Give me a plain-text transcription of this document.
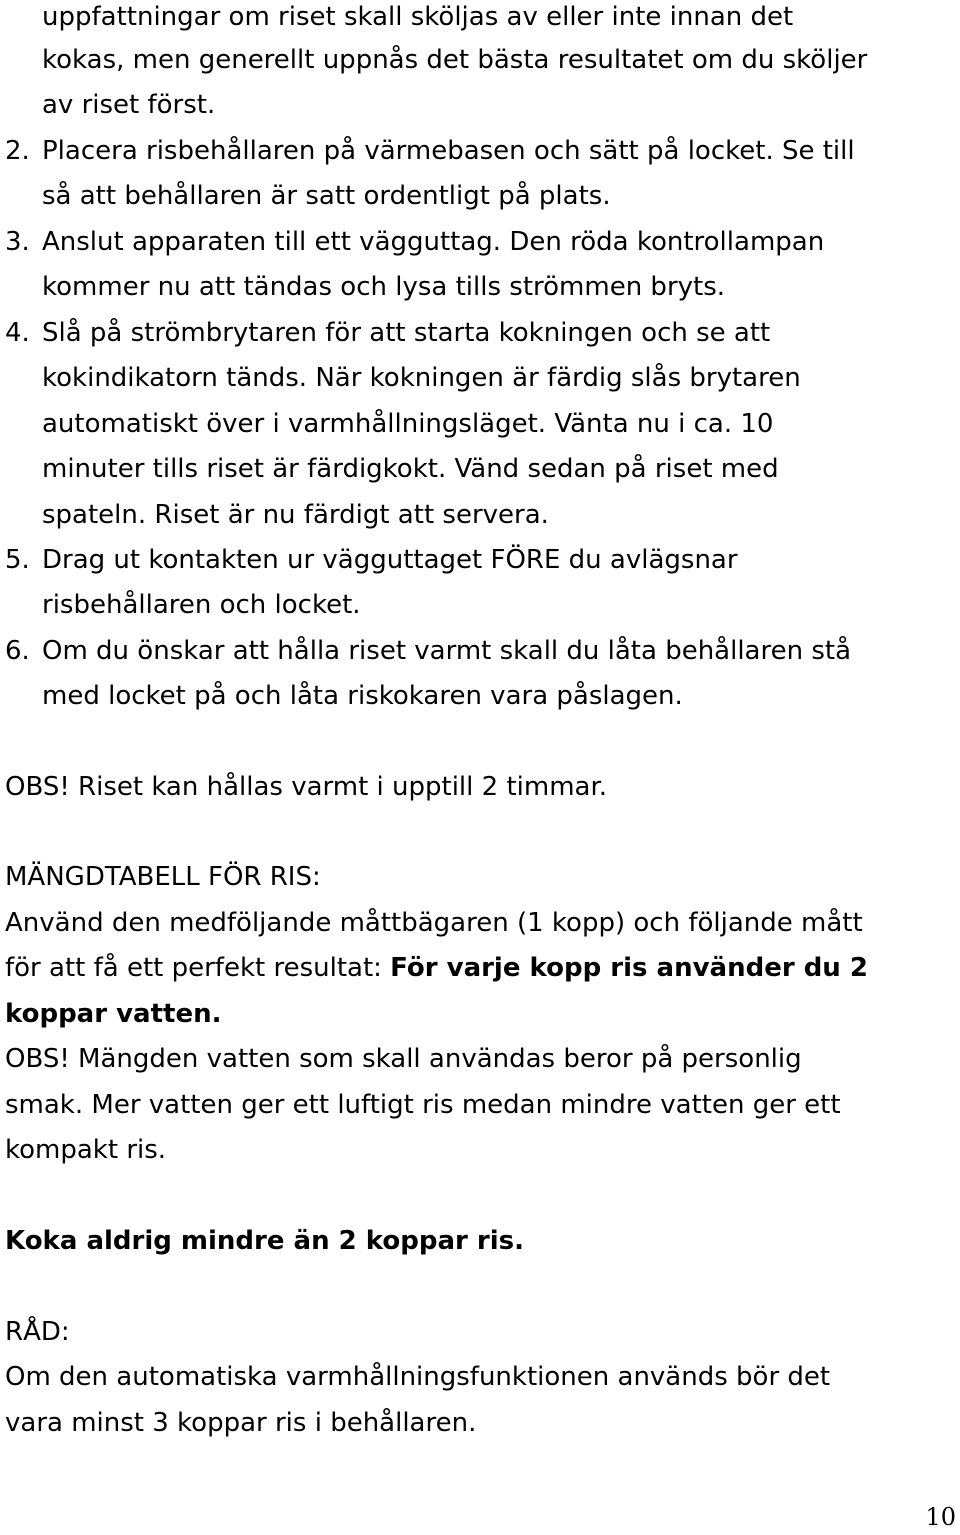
uppfattningar om riset skall sköljas av eller inte innan det
kokas, men generellt uppnås det bästa resultatet om du sköljer
av riset först.
2. Placera risbehållaren på värmebasen och sätt på locket. Se till
så att behållaren är satt ordentligt på plats.
3. Anslut apparaten till ett vägguttag. Den röda kontrollampan
kommer nu att tändas och lysa tills strömmen bryts.
4. Slå på strömbrytaren för att starta kokningen och se att
kokindikatorn tänds. När kokningen är färdig slås brytaren
automatiskt över i varmhållningsläget. Vänta nu i ca. 10
minuter tills riset är färdigkokt. Vänd sedan på riset med
spateln. Riset är nu färdigt att servera.
5. Drag ut kontakten ur vägguttaget FÖRE du avlägsnar
risbehållaren och locket.
6. Om du önskar att hålla riset varmt skall du låta behållaren stå
med locket på och låta riskokaren vara påslagen.
OBS! Riset kan hållas varmt i upptill 2 timmar.
MÄNGDTABELL FÖR RIS:
Använd den medföljande måttbägaren (1 kopp) och följande mått
för att få ett perfekt resultat: För varje kopp ris använder du 2
koppar vatten.
OBS! Mängden vatten som skall användas beror på personlig
smak. Mer vatten ger ett luftigt ris medan mindre vatten ger ett
kompakt ris.
Koka aldrig mindre än 2 koppar ris.
RÅD:
Om den automatiska varmhållningsfunktionen används bör det
vara minst 3 koppar ris i behållaren.
10
